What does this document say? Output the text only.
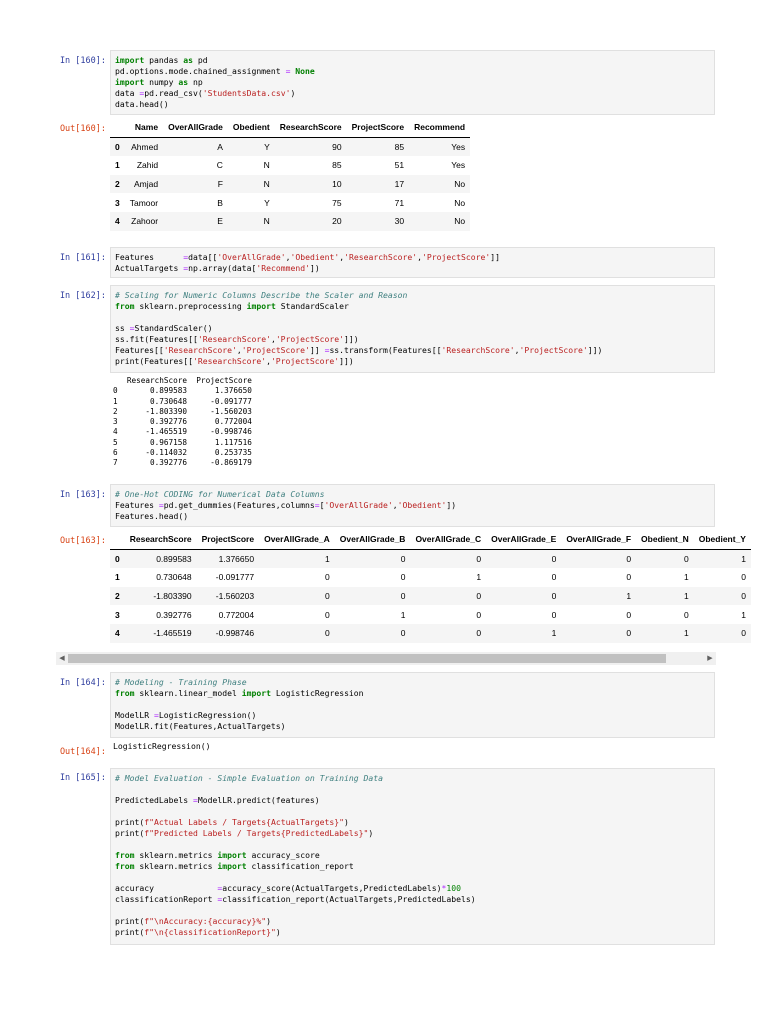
In [160]: import pandas as pd
pd.options.mode.chained_assignment = None
import numpy as np
data =pd.read_csv('StudentsData.csv')
data.head()
Out[160]:
		Name	OverAllGrade	Obedient	ResearchScore	ProjectScore	Recommend
0	Ahmed	A	Y	90	85	Yes
1	Zahid	C	N	85	51	Yes
2	Amjad	F	N	10	17	No
3	Tamoor	B	Y	75	71	No
4	Zahoor	E	N	20	30	No
In [161]: Features      =data[['OverAllGrade','Obedient','ResearchScore','ProjectScore']]
ActualTargets =np.array(data['Recommend'])
In [162]: # Scaling for Numeric Columns Describe the Scaler and Reason
from sklearn.preprocessing import StandardScaler
ss =StandardScaler()
ss.fit(Features[['ResearchScore','ProjectScore']])
Features[['ResearchScore','ProjectScore']] =ss.transform(Features[['ResearchScore','ProjectScore']])
print(Features[['ResearchScore','ProjectScore']])
ResearchScore  ProjectScore
0       0.899583      1.376650
1       0.730648     -0.091777
2      -1.803390     -1.560203
3       0.392776      0.772004
4      -1.465519     -0.998746
5       0.967158      1.117516
6      -0.114032      0.253735
7       0.392776     -0.869179
In [163]: # One-Hot CODING for Numerical Data Columns
Features =pd.get_dummies(Features,columns=['OverAllGrade','Obedient'])
Features.head()
Out[163]:
		ResearchScore	ProjectScore	OverAllGrade_A	OverAllGrade_B	OverAllGrade_C	OverAllGrade_E	OverAllGrade_F	Obedient_N	Obedient_Y
0	0.899583	1.376650	1	0	0	0	0	0	1
1	0.730648	-0.091777	0	0	1	0	0	1	0
2	-1.803390	-1.560203	0	0	0	0	1	1	0
3	0.392776	0.772004	0	1	0	0	0	0	1
4	-1.465519	-0.998746	0	0	0	1	0	1	0
◀	▶
In [164]: # Modeling - Training Phase
from sklearn.linear_model import LogisticRegression
ModelLR =LogisticRegression()
ModelLR.fit(Features,ActualTargets)
Out[164]:
LogisticRegression()
In [165]: # Model Evaluation - Simple Evaluation on Training Data
PredictedLabels =ModelLR.predict(features)
print(f"Actual Labels / Targets{ActualTargets}")
print(f"Predicted Labels / Targets{PredictedLabels}")
from sklearn.metrics import accuracy_score
from sklearn.metrics import classification_report
accuracy             =accuracy_score(ActualTargets,PredictedLabels)*100
classificationReport =classification_report(ActualTargets,PredictedLabels)
print(f"\nAccuracy:{accuracy}%")
print(f"\n{classificationReport}")
